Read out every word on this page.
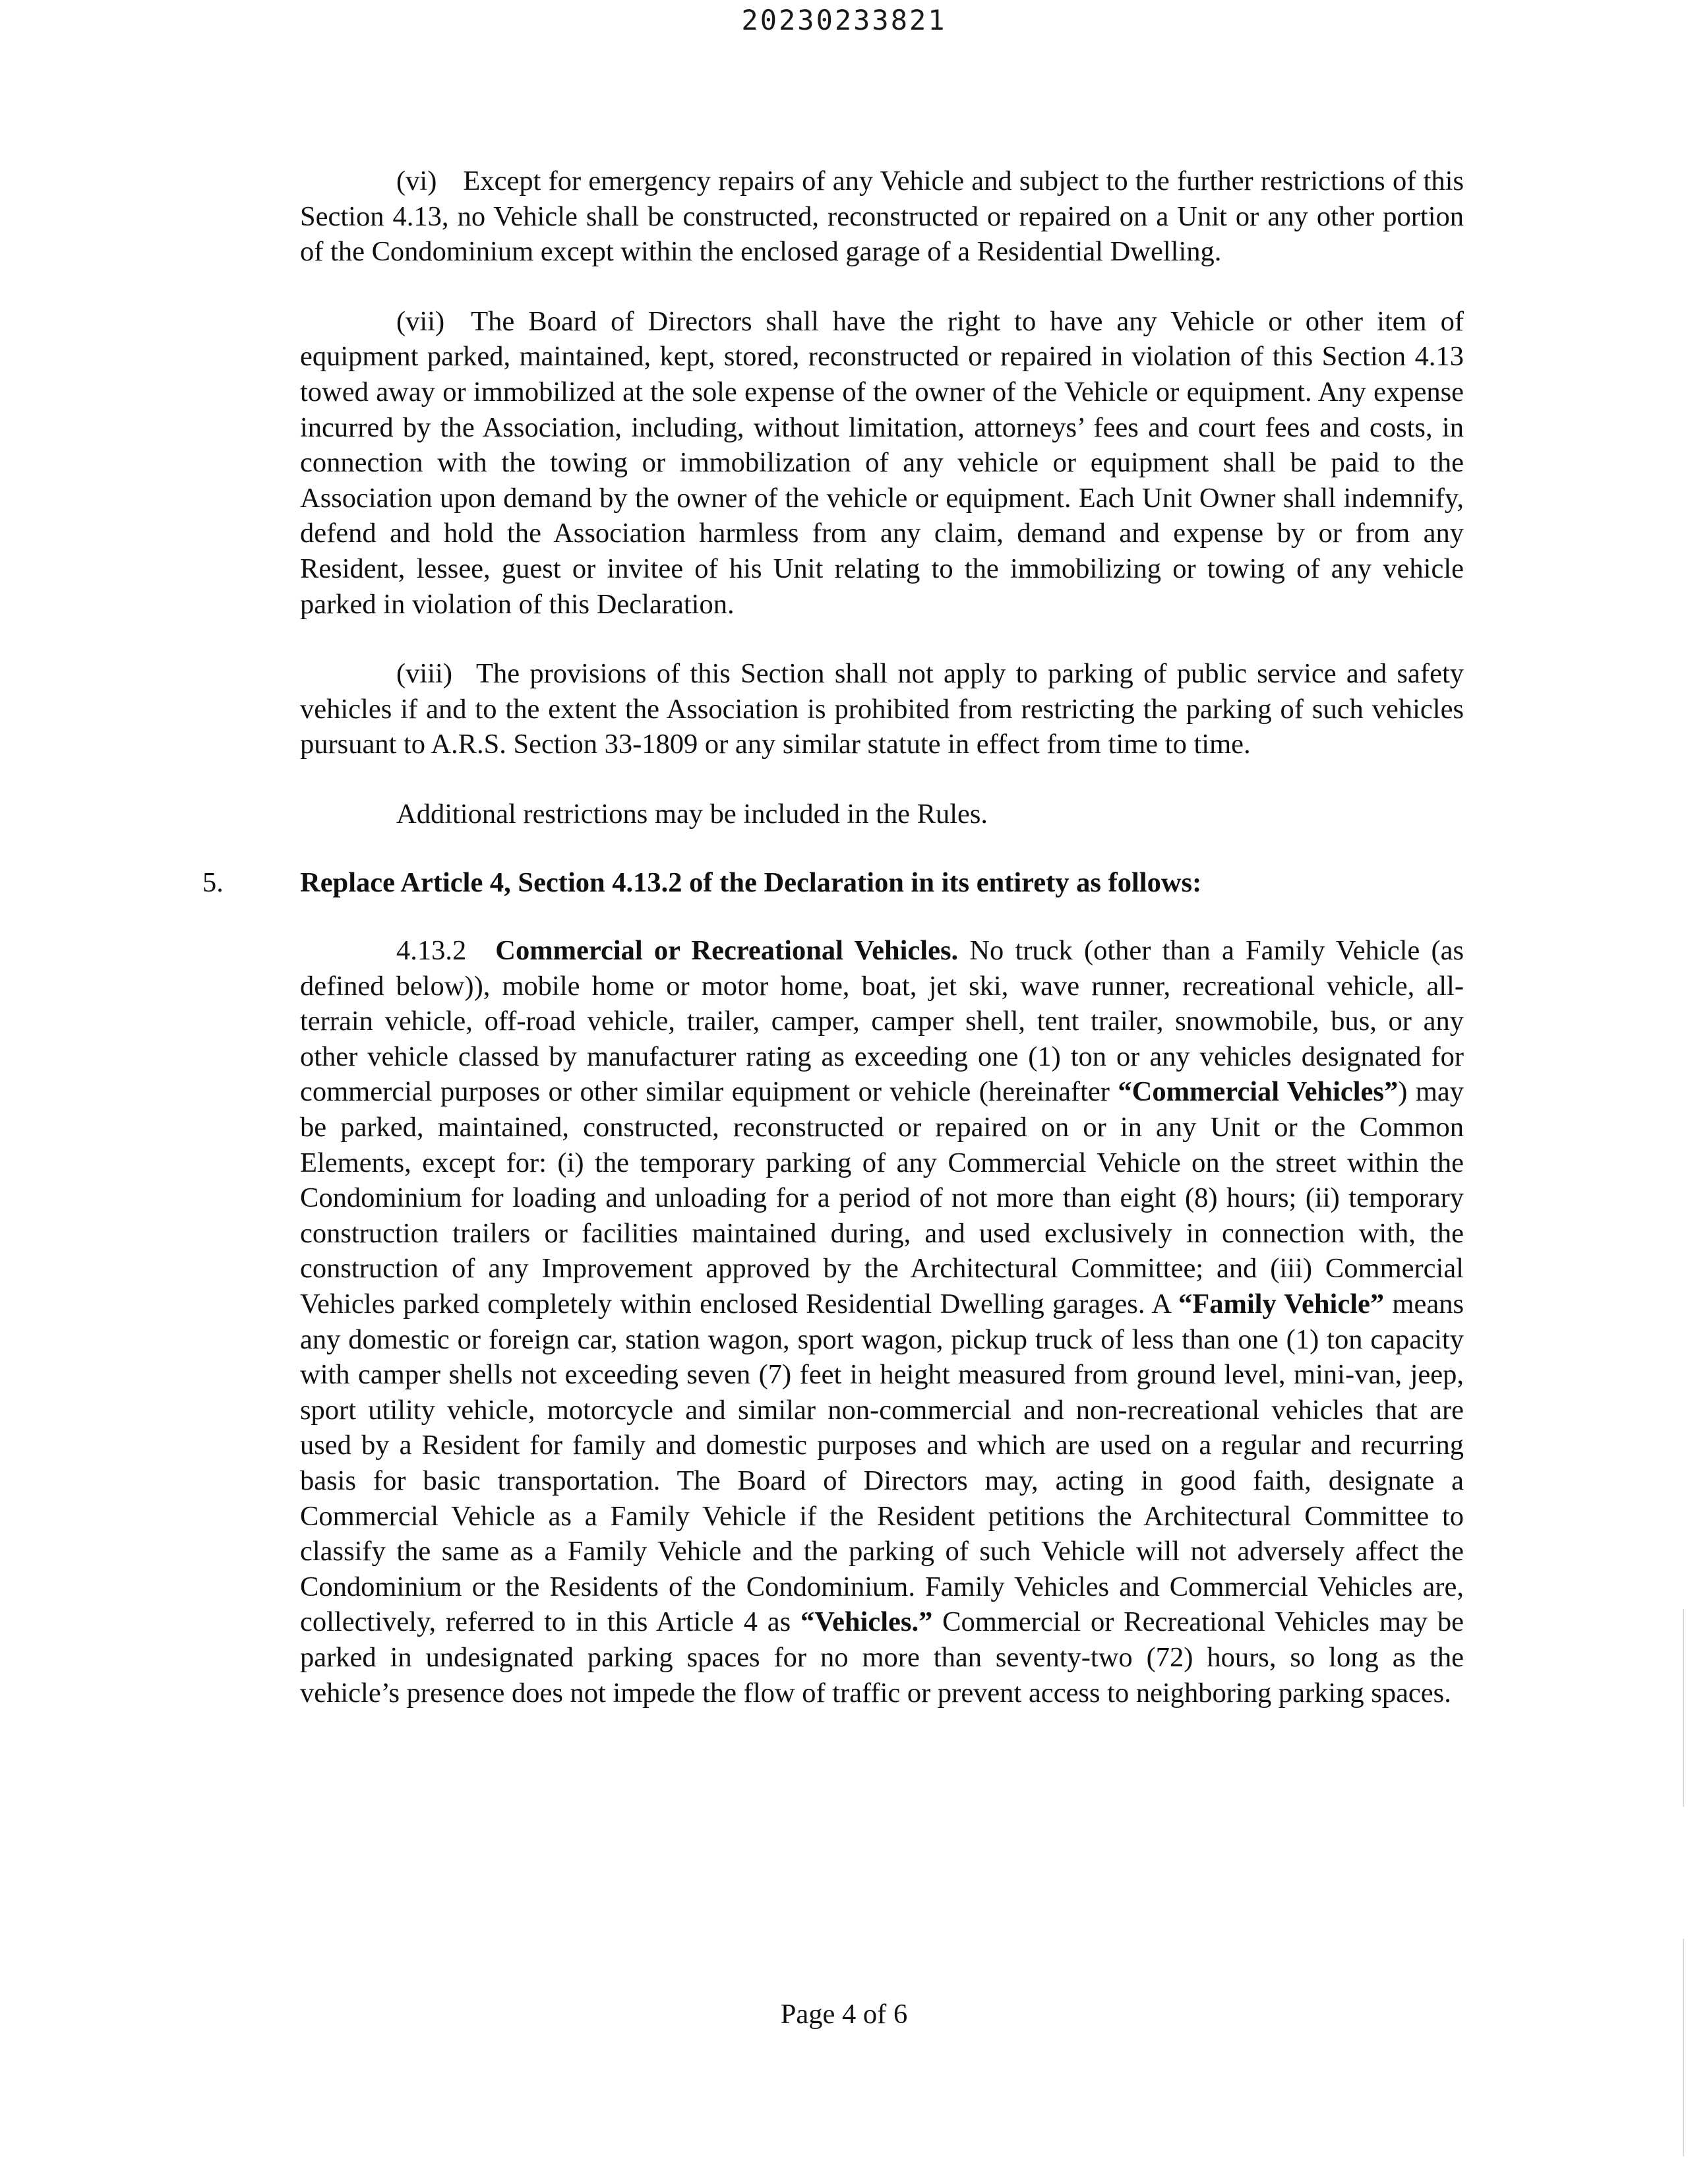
20230233821

(vi) Except for emergency repairs of any Vehicle and subject to the further restrictions of this Section 4.13, no Vehicle shall be constructed, reconstructed or repaired on a Unit or any other portion of the Condominium except within the enclosed garage of a Residential Dwelling.

(vii) The Board of Directors shall have the right to have any Vehicle or other item of equipment parked, maintained, kept, stored, reconstructed or repaired in violation of this Section 4.13 towed away or immobilized at the sole expense of the owner of the Vehicle or equipment. Any expense incurred by the Association, including, without limitation, attorneys’ fees and court fees and costs, in connection with the towing or immobilization of any vehicle or equipment shall be paid to the Association upon demand by the owner of the vehicle or equipment. Each Unit Owner shall indemnify, defend and hold the Association harmless from any claim, demand and expense by or from any Resident, lessee, guest or invitee of his Unit relating to the immobilizing or towing of any vehicle parked in violation of this Declaration.

(viii) The provisions of this Section shall not apply to parking of public service and safety vehicles if and to the extent the Association is prohibited from restricting the parking of such vehicles pursuant to A.R.S. Section 33-1809 or any similar statute in effect from time to time.

Additional restrictions may be included in the Rules.

5.	Replace Article 4, Section 4.13.2 of the Declaration in its entirety as follows:

4.13.2 Commercial or Recreational Vehicles. No truck (other than a Family Vehicle (as defined below)), mobile home or motor home, boat, jet ski, wave runner, recreational vehicle, all-terrain vehicle, off-road vehicle, trailer, camper, camper shell, tent trailer, snowmobile, bus, or any other vehicle classed by manufacturer rating as exceeding one (1) ton or any vehicles designated for commercial purposes or other similar equipment or vehicle (hereinafter “Commercial Vehicles”) may be parked, maintained, constructed, reconstructed or repaired on or in any Unit or the Common Elements, except for: (i) the temporary parking of any Commercial Vehicle on the street within the Condominium for loading and unloading for a period of not more than eight (8) hours; (ii) temporary construction trailers or facilities maintained during, and used exclusively in connection with, the construction of any Improvement approved by the Architectural Committee; and (iii) Commercial Vehicles parked completely within enclosed Residential Dwelling garages. A “Family Vehicle” means any domestic or foreign car, station wagon, sport wagon, pickup truck of less than one (1) ton capacity with camper shells not exceeding seven (7) feet in height measured from ground level, mini-van, jeep, sport utility vehicle, motorcycle and similar non-commercial and non-recreational vehicles that are used by a Resident for family and domestic purposes and which are used on a regular and recurring basis for basic transportation. The Board of Directors may, acting in good faith, designate a Commercial Vehicle as a Family Vehicle if the Resident petitions the Architectural Committee to classify the same as a Family Vehicle and the parking of such Vehicle will not adversely affect the Condominium or the Residents of the Condominium. Family Vehicles and Commercial Vehicles are, collectively, referred to in this Article 4 as “Vehicles.” Commercial or Recreational Vehicles may be parked in undesignated parking spaces for no more than seventy-two (72) hours, so long as the vehicle’s presence does not impede the flow of traffic or prevent access to neighboring parking spaces.

Page 4 of 6
